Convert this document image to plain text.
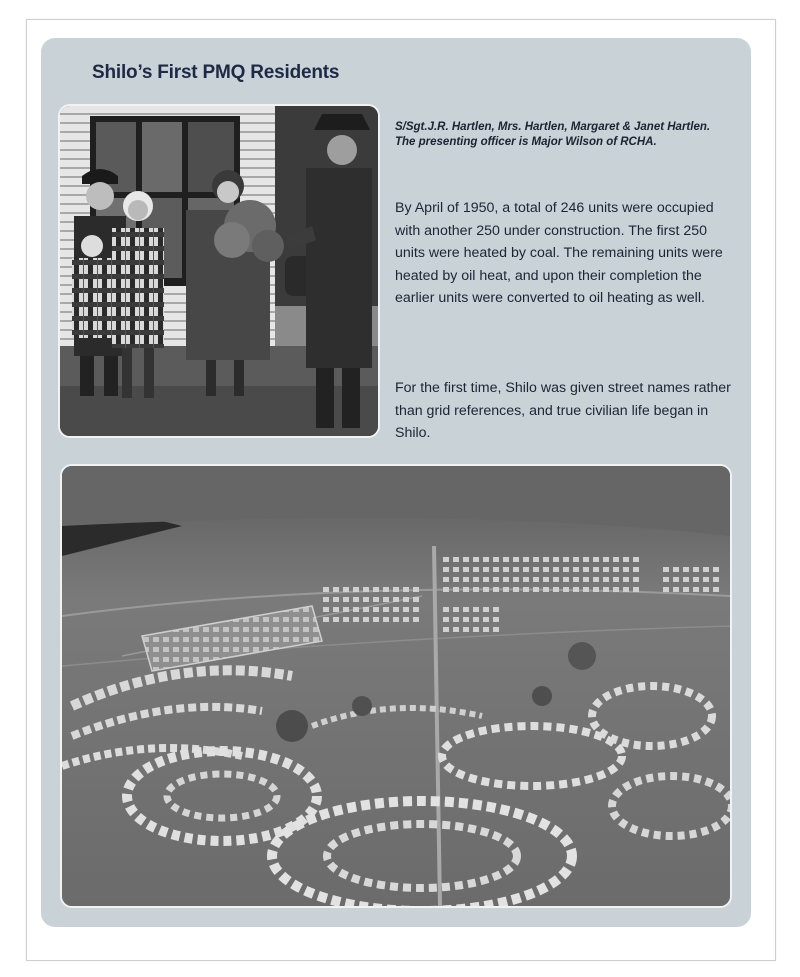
Shilo’s First PMQ Residents

S/Sgt.J.R. Hartlen, Mrs. Hartlen, Margaret & Janet Hartlen. The presenting officer is Major Wilson of RCHA.

By April of 1950, a total of 246 units were occupied with another 250 under construction. The first 250 units were heated by coal. The remaining units were heated by oil heat, and upon their completion the earlier units were converted to oil heating as well.

For the first time, Shilo was given street names rather than grid references, and true civilian life began in Shilo.
